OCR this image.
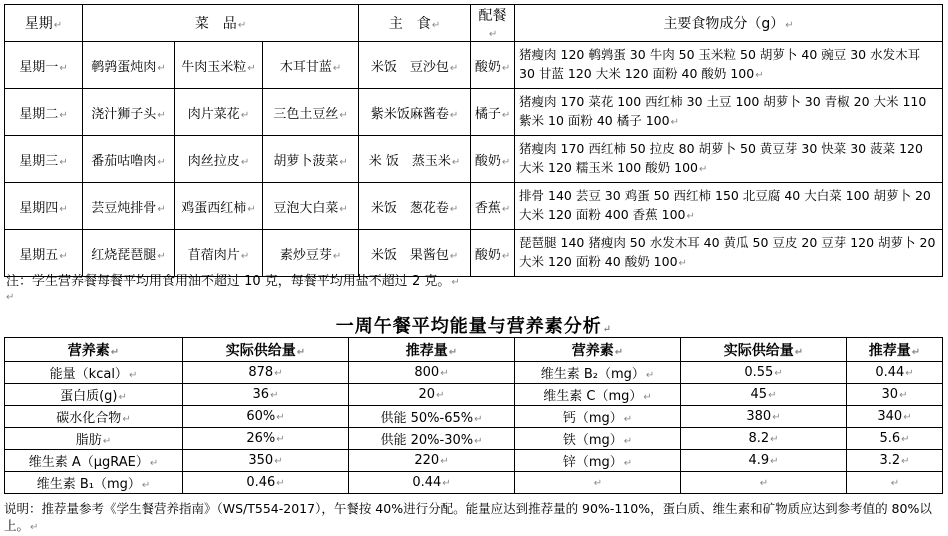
星期↵	菜　品↵			主　食↵	配餐↵	主要食物成分（g）↵
星期一↵	鹌鹑蛋炖肉↵	牛肉玉米粒↵	木耳甘蓝↵	米饭　豆沙包↵	酸奶↵	猪瘦肉 120 鹌鹑蛋 30 牛肉 50 玉米粒 50 胡萝卜 40 豌豆 30 水发木耳 30 甘蓝 120 大米 120 面粉 40 酸奶 100↵
星期二↵	浇汁狮子头↵	肉片菜花↵	三色土豆丝↵	紫米饭麻酱卷↵	橘子↵	猪瘦肉 170 菜花 100 西红柿 30 土豆 100 胡萝卜 30 青椒 20 大米 110 紫米 10 面粉 40 橘子 100↵
星期三↵	番茄咕噜肉↵	肉丝拉皮↵	胡萝卜菠菜↵	米 饭　蒸玉米↵	酸奶↵	猪瘦肉 170 西红柿 50 拉皮 80 胡萝卜 50 黄豆芽 30 快菜 30 菠菜 120 大米 120 糯玉米 100 酸奶 100↵
星期四↵	芸豆炖排骨↵	鸡蛋西红柿↵	豆泡大白菜↵	米饭　葱花卷↵	香蕉↵	排骨 140 芸豆 30 鸡蛋 50 西红柿 150 北豆腐 40 大白菜 100 胡萝卜 20 大米 120 面粉 400 香蕉 100↵
星期五↵	红烧琵琶腿↵	苜蓿肉片↵	素炒豆芽↵	米饭　果酱包↵	酸奶↵	琵琶腿 140 猪瘦肉 50 水发木耳 40 黄瓜 50 豆皮 20 豆芽 120 胡萝卜 20 大米 120 面粉 40 酸奶 100↵
注：学生营养餐每餐平均用食用油不超过 10 克，每餐平均用盐不超过 2 克。↵
↵
一周午餐平均能量与营养素分析↵
营养素↵	实际供给量↵	推荐量↵	营养素↵	实际供给量↵	推荐量↵
能量（kcal）↵	878↵	800↵	维生素 B₂（mg）↵	0.55↵	0.44↵
蛋白质(g)↵	36↵	20↵	维生素 C（mg）↵	45↵	30↵
碳水化合物↵	60%↵	供能 50%-65%↵	钙（mg）↵	380↵	340↵
脂肪↵	26%↵	供能 20%-30%↵	铁（mg）↵	8.2↵	5.6↵
维生素 A（μgRAE）↵	350↵	220↵	锌（mg）↵	4.9↵	3.2↵
维生素 B₁（mg）↵	0.46↵	0.44↵	↵	↵	↵
说明：推荐量参考《学生餐营养指南》（WS/T554-2017），午餐按 40%进行分配。能量应达到推荐量的 90%-110%，蛋白质、维生素和矿物质应达到参考值的 80%以上。↵
